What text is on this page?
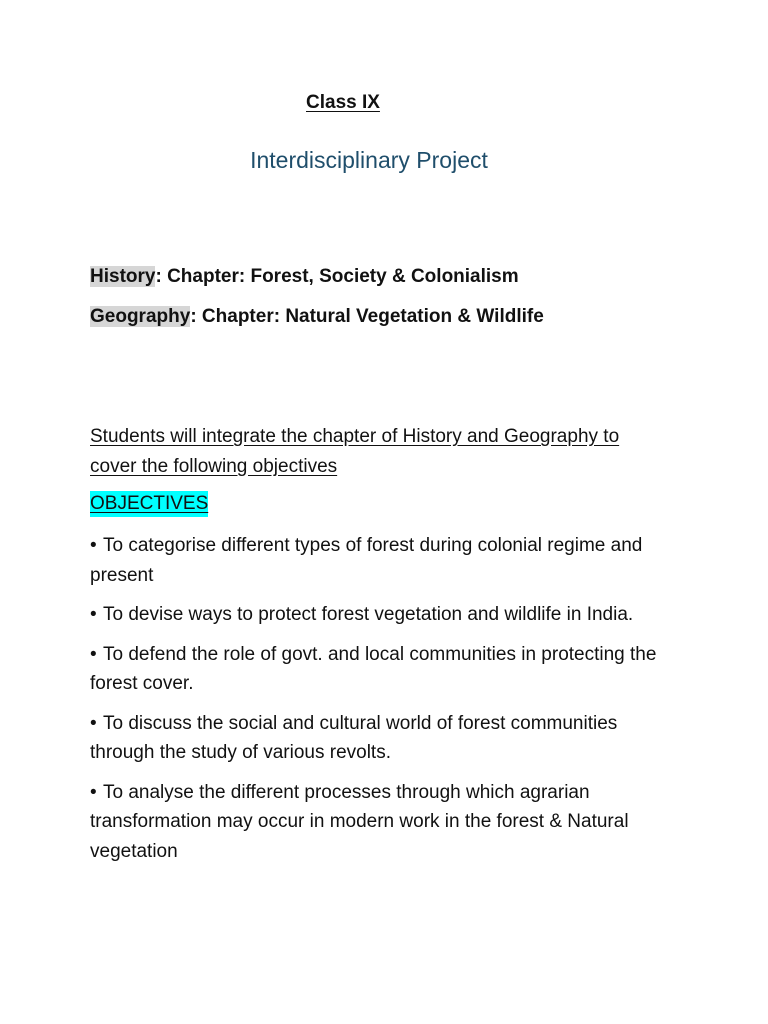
Class IX
Interdisciplinary Project
History: Chapter: Forest, Society & Colonialism
Geography: Chapter: Natural Vegetation & Wildlife
Students will integrate the chapter of History and Geography to cover the following objectives
OBJECTIVES
• To categorise different types of forest during colonial regime and present
• To devise ways to protect forest vegetation and wildlife in India.
• To defend the role of govt. and local communities in protecting the forest cover.
• To discuss the social and cultural world of forest communities through the study of various revolts.
• To analyse the different processes through which agrarian transformation may occur in modern work in the forest & Natural vegetation
